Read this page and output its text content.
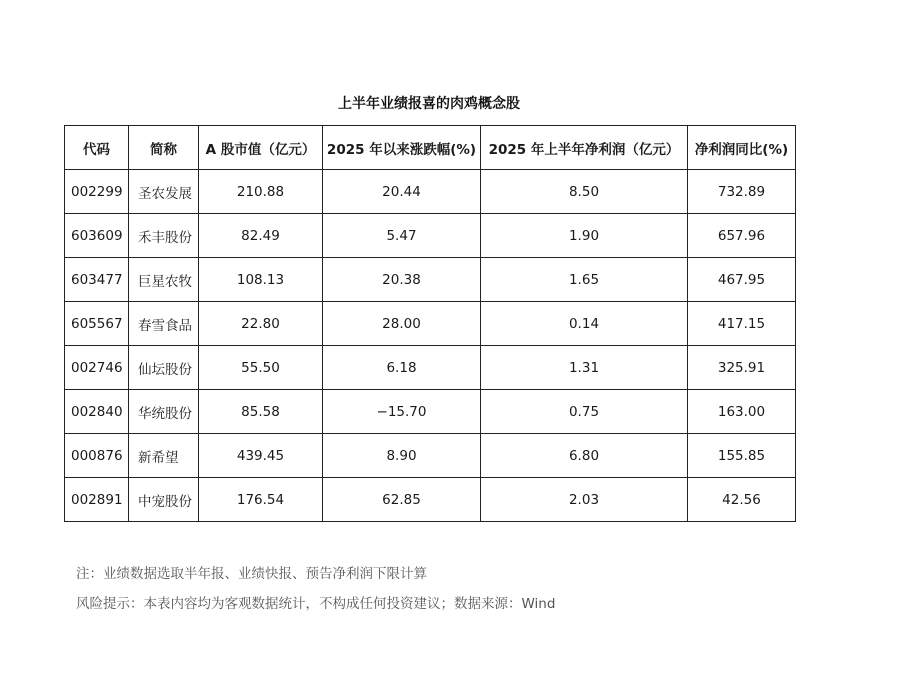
上半年业绩报喜的肉鸡概念股
代码	简称	A 股市值（亿元）	2025 年以来涨跌幅(%)	2025 年上半年净利润（亿元）	净利润同比(%)
002299	圣农发展	210.88	20.44	8.50	732.89
603609	禾丰股份	82.49	5.47	1.90	657.96
603477	巨星农牧	108.13	20.38	1.65	467.95
605567	春雪食品	22.80	28.00	0.14	417.15
002746	仙坛股份	55.50	6.18	1.31	325.91
002840	华统股份	85.58	−15.70	0.75	163.00
000876	新希望	439.45	8.90	6.80	155.85
002891	中宠股份	176.54	62.85	2.03	42.56
注：业绩数据选取半年报、业绩快报、预告净利润下限计算
风险提示：本表内容均为客观数据统计，不构成任何投资建议；数据来源：Wind
